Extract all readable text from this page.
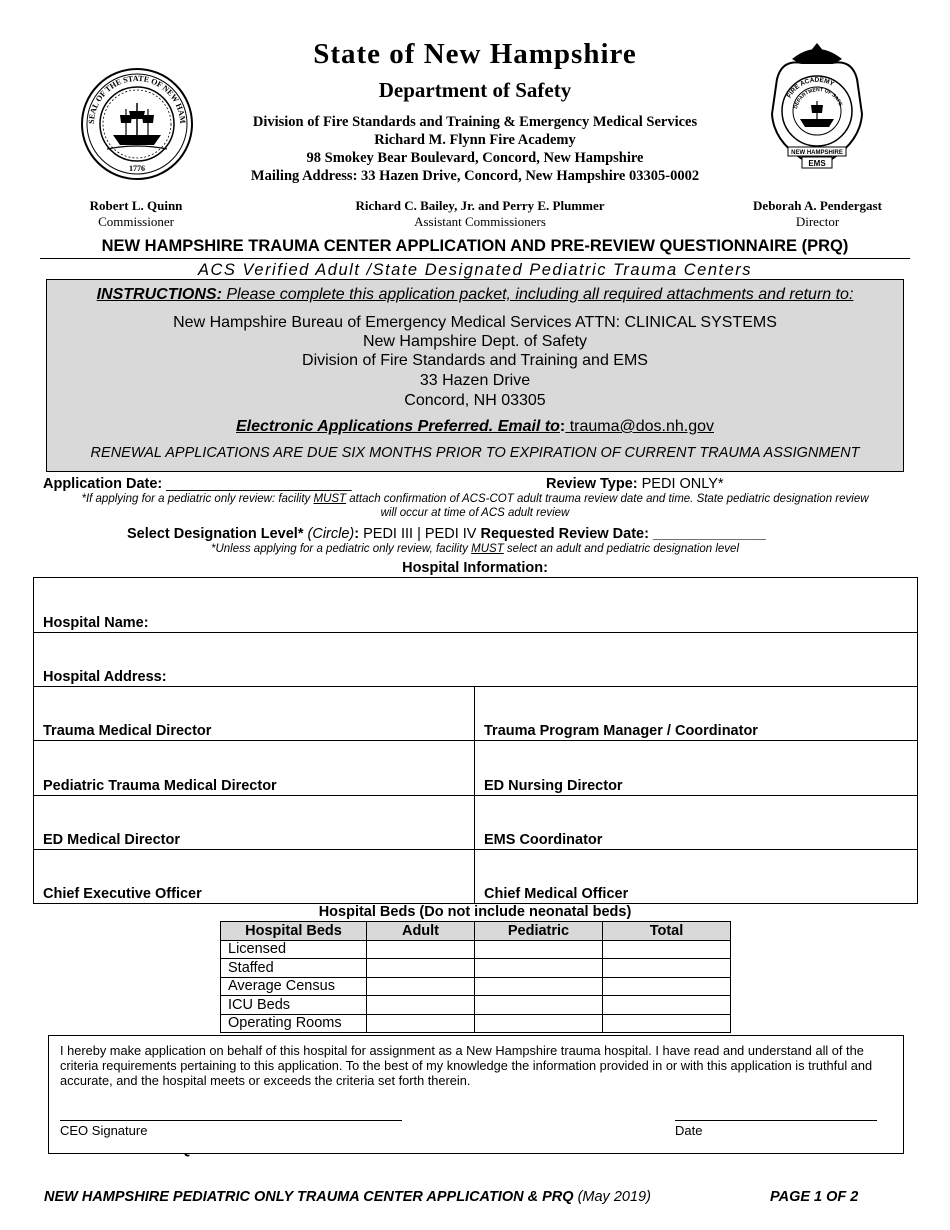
SEAL OF THE STATE OF NEW HAM
1776
FIRE ACADEMY
DEPARTMENT OF SAFE
NEW HAMPSHIRE
EMS
State of New Hampshire
Department of Safety
Division of Fire Standards and Training & Emergency Medical Services
Richard M. Flynn Fire Academy
98 Smokey Bear Boulevard, Concord, New Hampshire
Mailing Address: 33 Hazen Drive, Concord, New Hampshire 03305-0002
Robert L. Quinn
Commissioner
Richard C. Bailey, Jr. and Perry E. Plummer
Assistant Commissioners
Deborah A. Pendergast
Director
NEW HAMPSHIRE TRAUMA CENTER APPLICATION AND PRE-REVIEW QUESTIONNAIRE (PRQ)
ACS Verified Adult /State Designated Pediatric Trauma Centers
INSTRUCTIONS: Please complete this application packet, including all required attachments and return to:
New Hampshire Bureau of Emergency Medical Services ATTN: CLINICAL SYSTEMS
New Hampshire Dept. of Safety
Division of Fire Standards and Training and EMS
33 Hazen Drive
Concord, NH 03305
Electronic Applications Preferred. Email to: trauma@dos.nh.gov
RENEWAL APPLICATIONS ARE DUE SIX MONTHS PRIOR TO EXPIRATION OF CURRENT TRAUMA ASSIGNMENT
Application Date: _______________________	Review Type: PEDI ONLY*
*If applying for a pediatric only review: facility MUST attach confirmation of ACS-COT adult trauma review date and time. State pediatric designation review
will occur at time of ACS adult review
Select Designation Level* (Circle): PEDI III | PEDI IV Requested Review Date: ______________
*Unless applying for a pediatric only review, facility MUST select an adult and pediatric designation level
Hospital Information:
Hospital Name:
Hospital Address:
Trauma Medical Director	Trauma Program Manager / Coordinator
Pediatric Trauma Medical Director	ED Nursing Director
ED Medical Director	EMS Coordinator
Chief Executive Officer	Chief Medical Officer
Hospital Beds (Do not include neonatal beds)
Hospital Beds	Adult	Pediatric	Total
Licensed			
Staffed			
Average Census			
ICU Beds			
Operating Rooms			
I hereby make application on behalf of this hospital for assignment as a New Hampshire trauma hospital. I have read and understand all of the criteria requirements pertaining to this application. To the best of my knowledge the information provided in or with this application is truthful and accurate, and the hospital meets or exceeds the criteria set forth therein.
CEO Signature	Date
NEW HAMPSHIRE PEDIATRIC ONLY TRAUMA CENTER APPLICATION & PRQ (May 2019)	PAGE 1 OF 2
